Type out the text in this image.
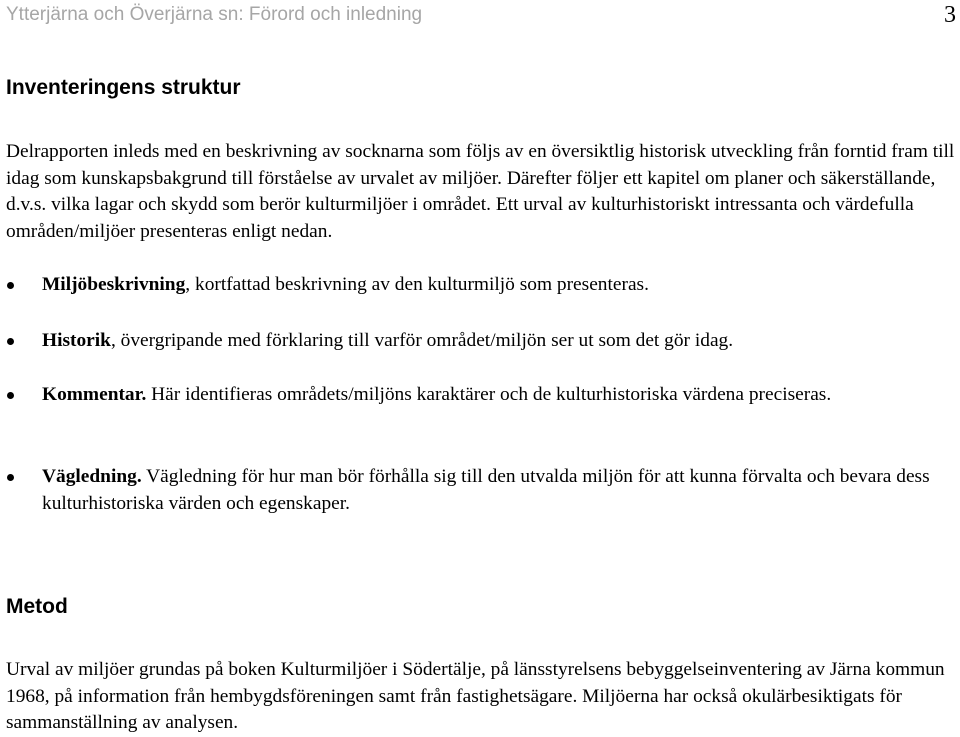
Ytterjärna och Överjärna sn: Förord och inledning	3
Inventeringens struktur

Delrapporten inleds med en beskrivning av socknarna som följs av en översiktlig historisk utveckling från forntid fram till idag som kunskapsbakgrund till förståelse av urvalet av miljöer. Därefter följer ett kapitel om planer och säkerställande, d.v.s. vilka lagar och skydd som berör kulturmiljöer i området. Ett urval av kulturhistoriskt intressanta och värdefulla områden/miljöer presenteras enligt nedan.

Miljöbeskrivning, kortfattad beskrivning av den kulturmiljö som presenteras.
Historik, övergripande med förklaring till varför området/miljön ser ut som det gör idag.
Kommentar. Här identifieras områdets/miljöns karaktärer och de kulturhistoriska värdena preciseras.
Vägledning. Vägledning för hur man bör förhålla sig till den utvalda miljön för att kunna förvalta och bevara dess kulturhistoriska värden och egenskaper.
Metod

Urval av miljöer grundas på boken Kulturmiljöer i Södertälje, på länsstyrelsens bebyggelseinventering av Järna kommun 1968, på information från hembygdsföreningen samt från fastighetsägare. Miljöerna har också okulärbesiktigats för sammanställning av analysen.
